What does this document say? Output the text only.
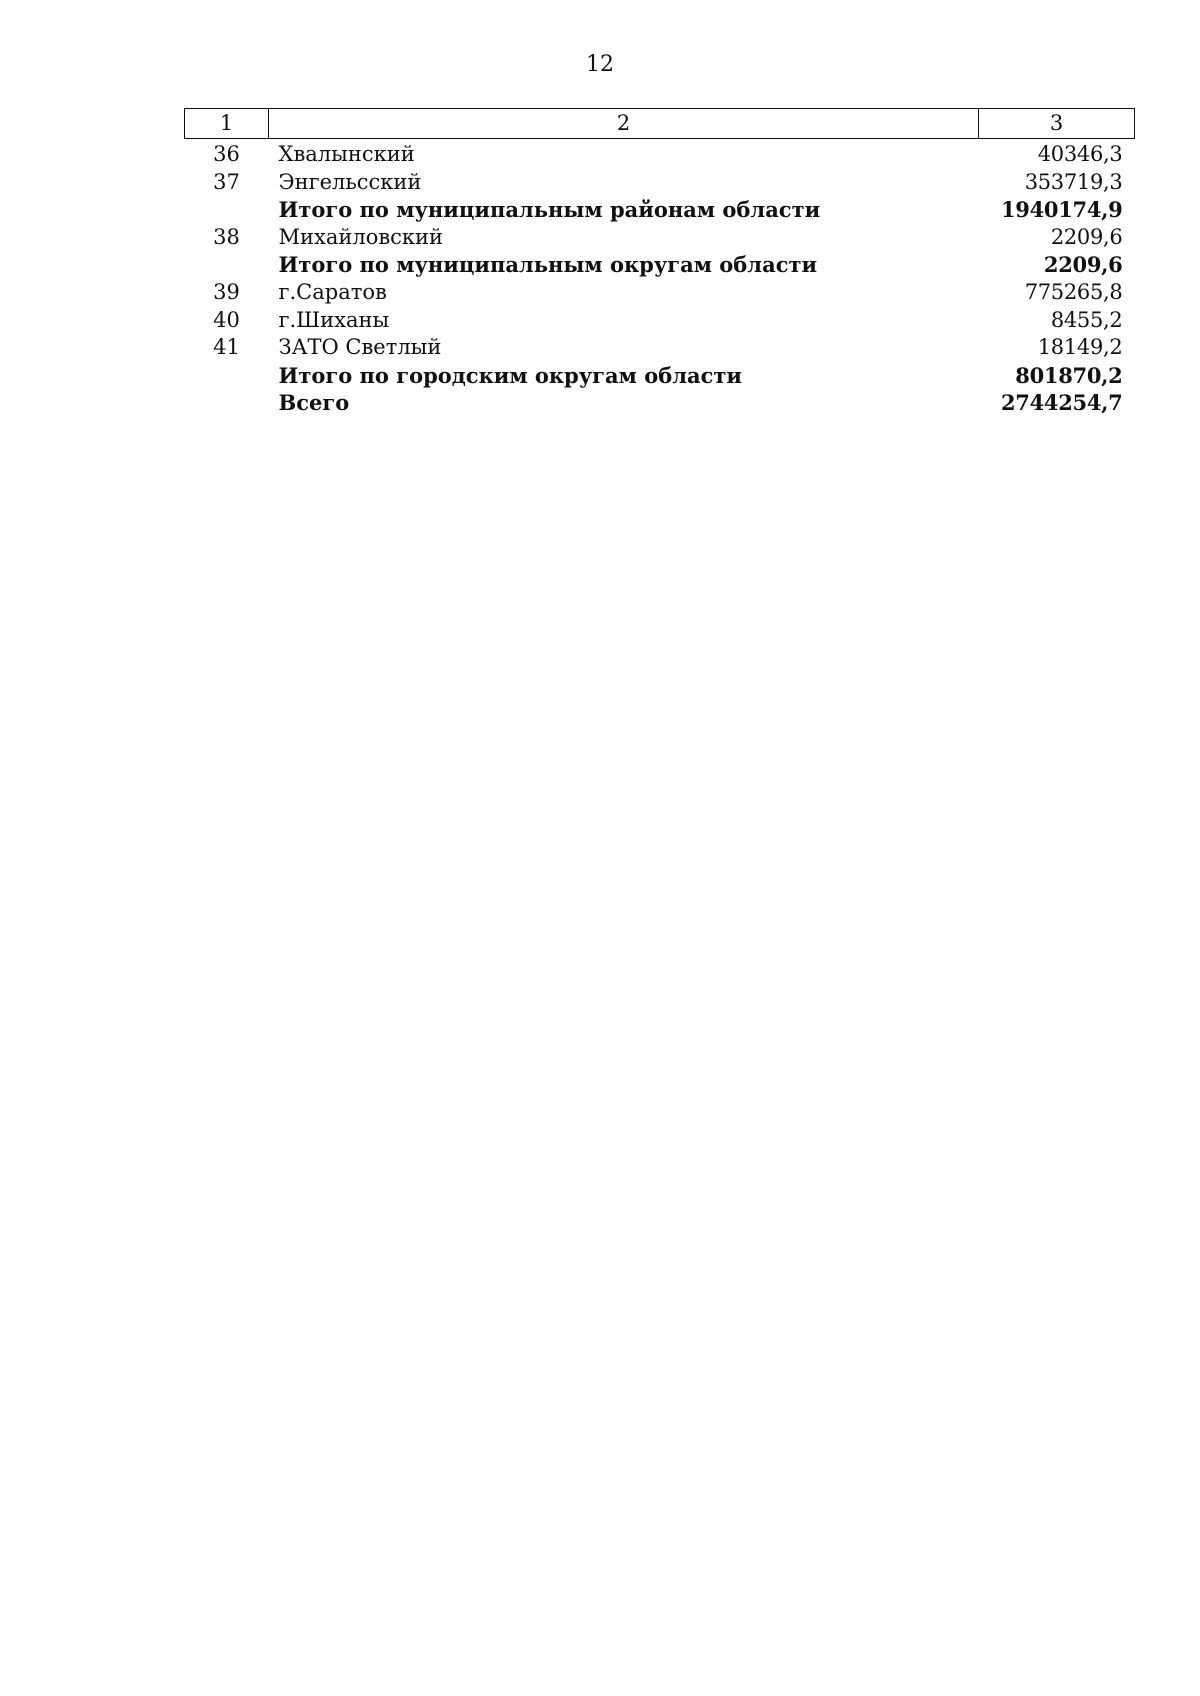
12
1	2	3
36	Хвалынский	40346,3
37	Энгельсский	353719,3
	Итого по муниципальным районам области	1940174,9
38	Михайловский	2209,6
	Итого по муниципальным округам области	2209,6
39	г.Саратов	775265,8
40	г.Шиханы	8455,2
41	ЗАТО Светлый	18149,2
	Итого по городским округам области	801870,2
	Всего	2744254,7
